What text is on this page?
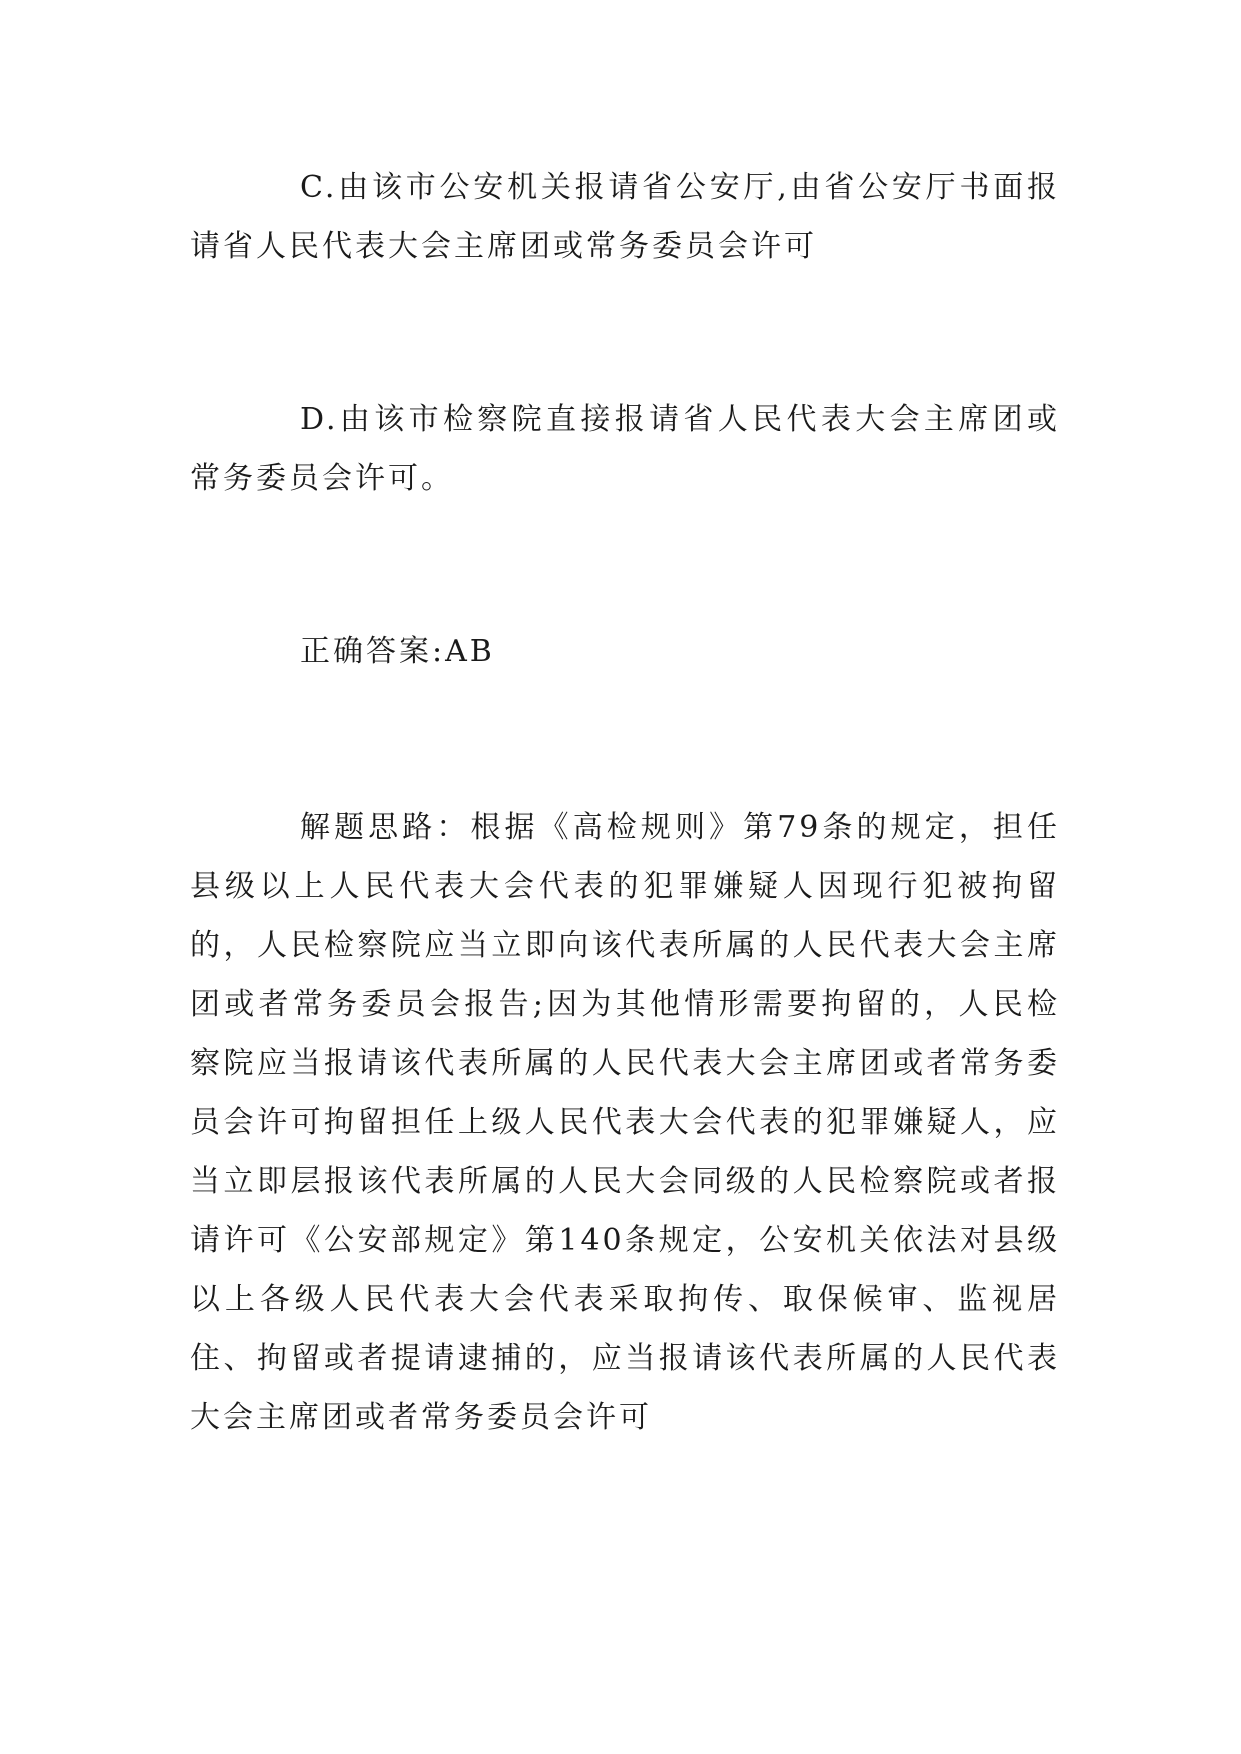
C.由该市公安机关报请省公安厅,由省公安厅书面报请省人民代表大会主席团或常务委员会许可

D.由该市检察院直接报请省人民代表大会主席团或常务委员会许可。

正确答案:AB

解题思路：根据《高检规则》第79条的规定，担任县级以上人民代表大会代表的犯罪嫌疑人因现行犯被拘留的，人民检察院应当立即向该代表所属的人民代表大会主席团或者常务委员会报告;因为其他情形需要拘留的，人民检察院应当报请该代表所属的人民代表大会主席团或者常务委员会许可拘留担任上级人民代表大会代表的犯罪嫌疑人，应当立即层报该代表所属的人民大会同级的人民检察院或者报请许可《公安部规定》第140条规定，公安机关依法对县级以上各级人民代表大会代表采取拘传、取保候审、监视居住、拘留或者提请逮捕的，应当报请该代表所属的人民代表大会主席团或者常务委员会许可
